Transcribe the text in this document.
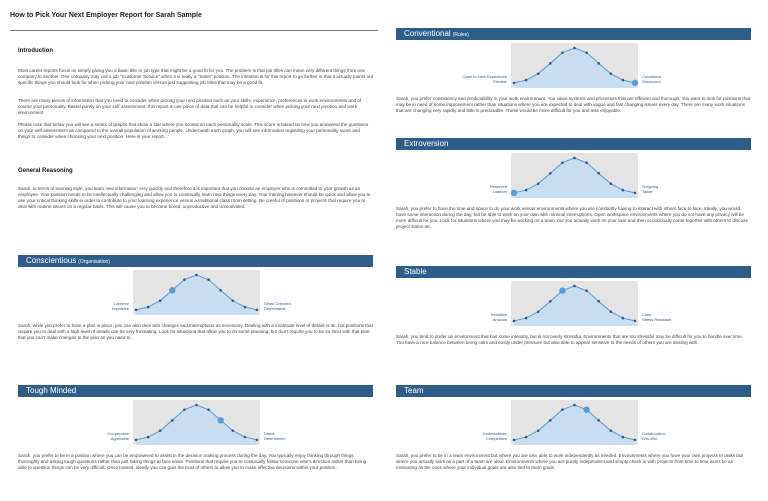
How to Pick Your Next Employer Report for Sarah Sample
Introduction
Most career reports focus on simply giving you a basic title or job type that might be a good fit for you. The problem is that job titles can mean very different things from one company to another. One company may call a job "Customer Service" when it is really a "Sales" position. The intention is for this report to go further in that it actually points out specific things you should look for when picking your next position versus just suggesting job titles that may be a good fit.
There are many pieces of information that you need to consider when picking your next position such as your skills, experience, preferences in work environments and of course your personality. Based purely on your self assessment, this report is one piece of data that can be helpful to consider when picking your next position and work environment.
Please note that below you will see a series of graphs that show a star where you scored on each personality scale. This score is based on how you answered the questions on your self-assessment as compared to the overall population of working people. Underneath each graph, you will see information regarding your personality score and things to consider when choosing your next position. Here is your report.
General Reasoning
Sarah, in terms of learning style, you learn new information very quickly and therefore it is important that you choose an employer who is committed to your growth as an employee. Your position needs to be intellectually challenging and allow you to continually learn new things every day. Your training however should be quick and allow you to use your critical thinking skills in order to contribute to your learning experience versus a traditional class room setting. Be careful of positions or projects that require you to deal with routine issues on a regular basis. This will cause you to become bored, unproductive and unmotivated.
Conscientious (Organisation)
Carefree
Impulsive
Detail Oriented
Dependable
Sarah, while you prefer to have a plan in place, you can also deal with changes and interruptions as necessary. Dealing with a moderate level of details is ok, but positions that require you to deal with a high level of details can be very frustrating. Look for situations that allow you to do some planning, but don't require you to be so strict with that plan that you can't make changes to the plan as you need to.
Tough Minded
Cooperative
Agreeable
Direct
Determined
Sarah, you prefer to be in a position where you can be empowered to assist in the decision making process during the day. You typically enjoy thinking through things thoroughly and asking tough questions rather than just taking things at face value. Positions that require you to continually follow someone else's direction rather than being able to question things can be very difficult. Once trained, ideally you can gain the trust of others to allow you to make effective decisions within your position.
Conventional (Rules)
Open to New Experience
Flexible
Consistent
Structured
Sarah, you prefer consistency and predictability in your work environment. You value systems and processes that are efficient and thorough. You want to look for positions that may be in need of some improvement rather than situations where you are expected to deal with vague and fast changing issues every day. There are many work situations that are changing very rapidly and little is predictable. These would be more difficult for you and less enjoyable.
Extroversion
Reserved
Listener
Outgoing
Talker
Sarah, you prefer to have the time and space to do your work versus environments where you are constantly having to interact with others face to face. Ideally, you would have some interaction during the day, but be able to work on your own with minimal interruptions. Open workspace environments where you do not have any privacy will be more difficult for you. Look for situations where you may be working on a team, but you actually work on your own and then occasionally come together with others to discuss project status etc.
Stable
Sensitive
Anxious
Calm
Stress Resistant
Sarah, you tend to prefer an environment that has some intensity, but is not overly stressful. Environments that are too stressful may be difficult for you to handle over time. You have a nice balance between being calm and easily under pressure but also able to appear sensitive to the needs of others you are dealing with.
Team
Individualistic
Competitive
Collaborative
Win-Win
Sarah, you prefer to be in a team environment but where you are also able to work independently as needed. Environments where you have your own projects or tasks but where you actually work as a part of a team are ideal. Environments where you are purely independent and simply check in with projects from time to time won't be as motivating as the ones where your individual goals are also tied to team goals.
